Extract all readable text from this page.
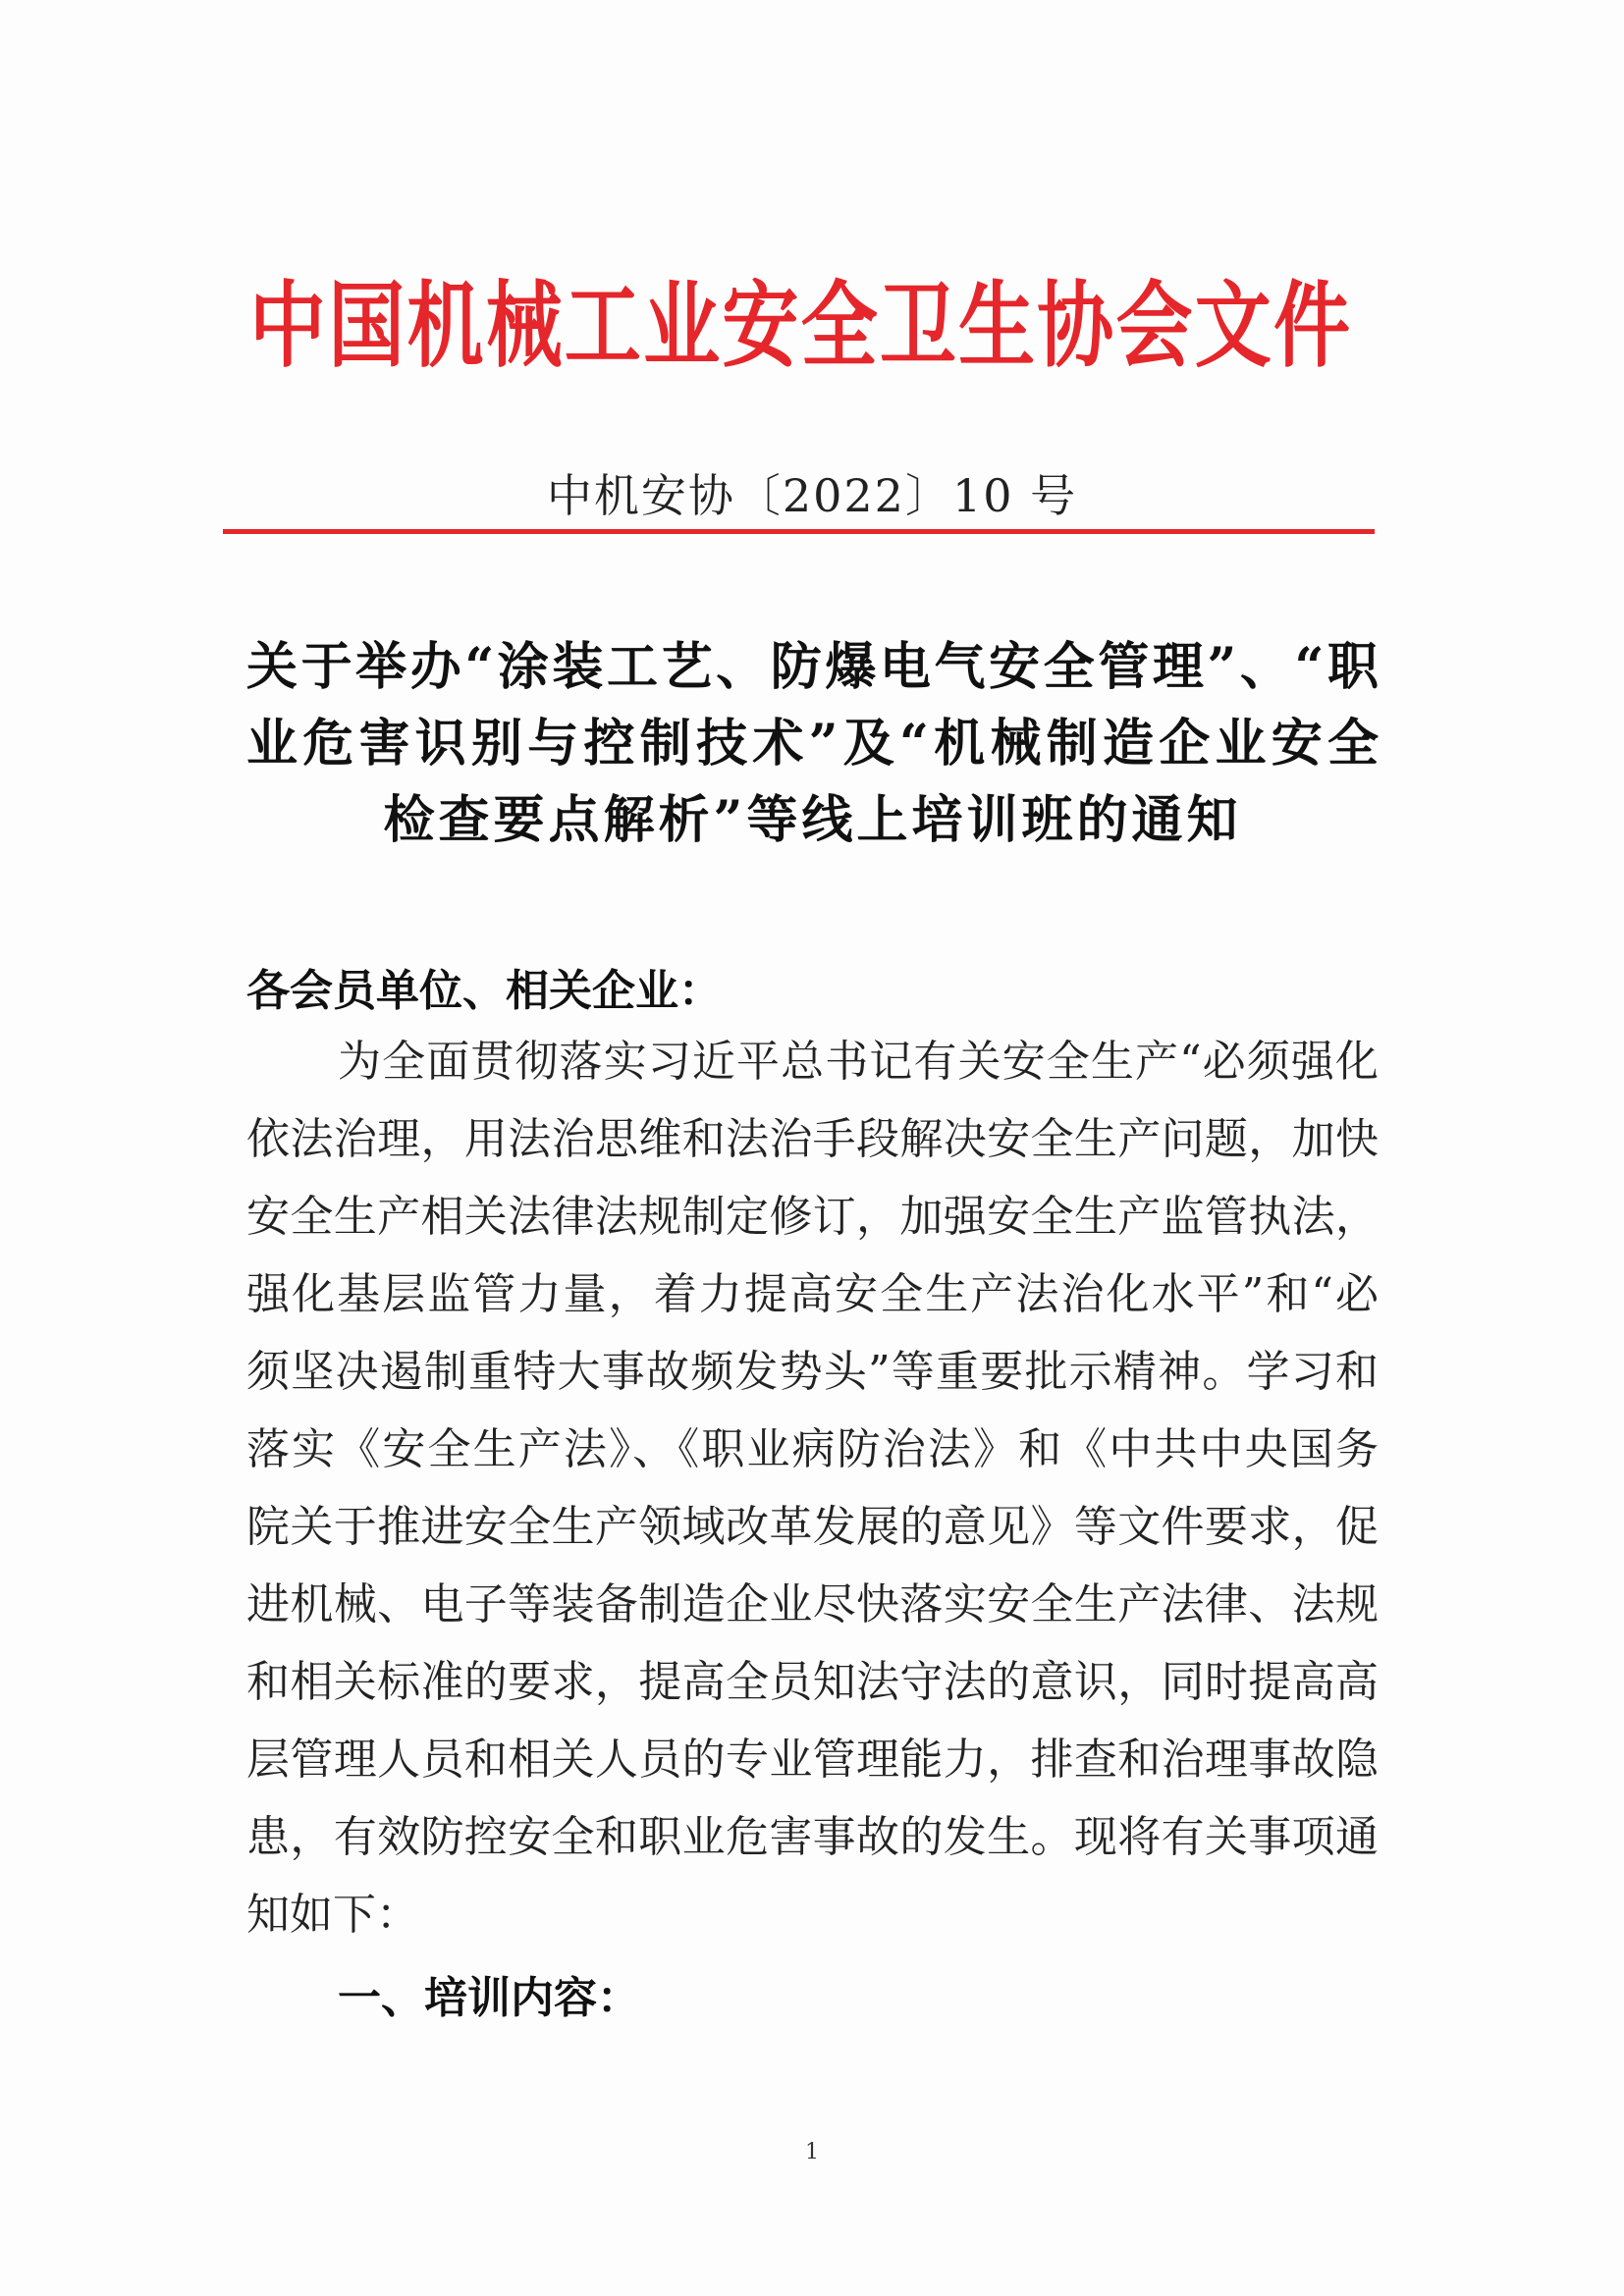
中国机械工业安全卫生协会文件
中机安协〔2022〕10 号
关于举办“涂装工艺、防爆电气安全管理”、“职
业危害识别与控制技术”及“机械制造企业安全
检查要点解析”等线上培训班的通知
各会员单位、相关企业：
为全面贯彻落实习近平总书记有关安全生产“必须强化
依法治理，用法治思维和法治手段解决安全生产问题，加快
安全生产相关法律法规制定修订，加强安全生产监管执法，
强化基层监管力量，着力提高安全生产法治化水平”和“必
须坚决遏制重特大事故频发势头”等重要批示精神。学习和
落实《安全生产法》、《职业病防治法》和《中共中央国务
院关于推进安全生产领域改革发展的意见》等文件要求，促
进机械、电子等装备制造企业尽快落实安全生产法律、法规
和相关标准的要求，提高全员知法守法的意识，同时提高高
层管理人员和相关人员的专业管理能力，排查和治理事故隐
患，有效防控安全和职业危害事故的发生。现将有关事项通
知如下：
一、培训内容：
1
